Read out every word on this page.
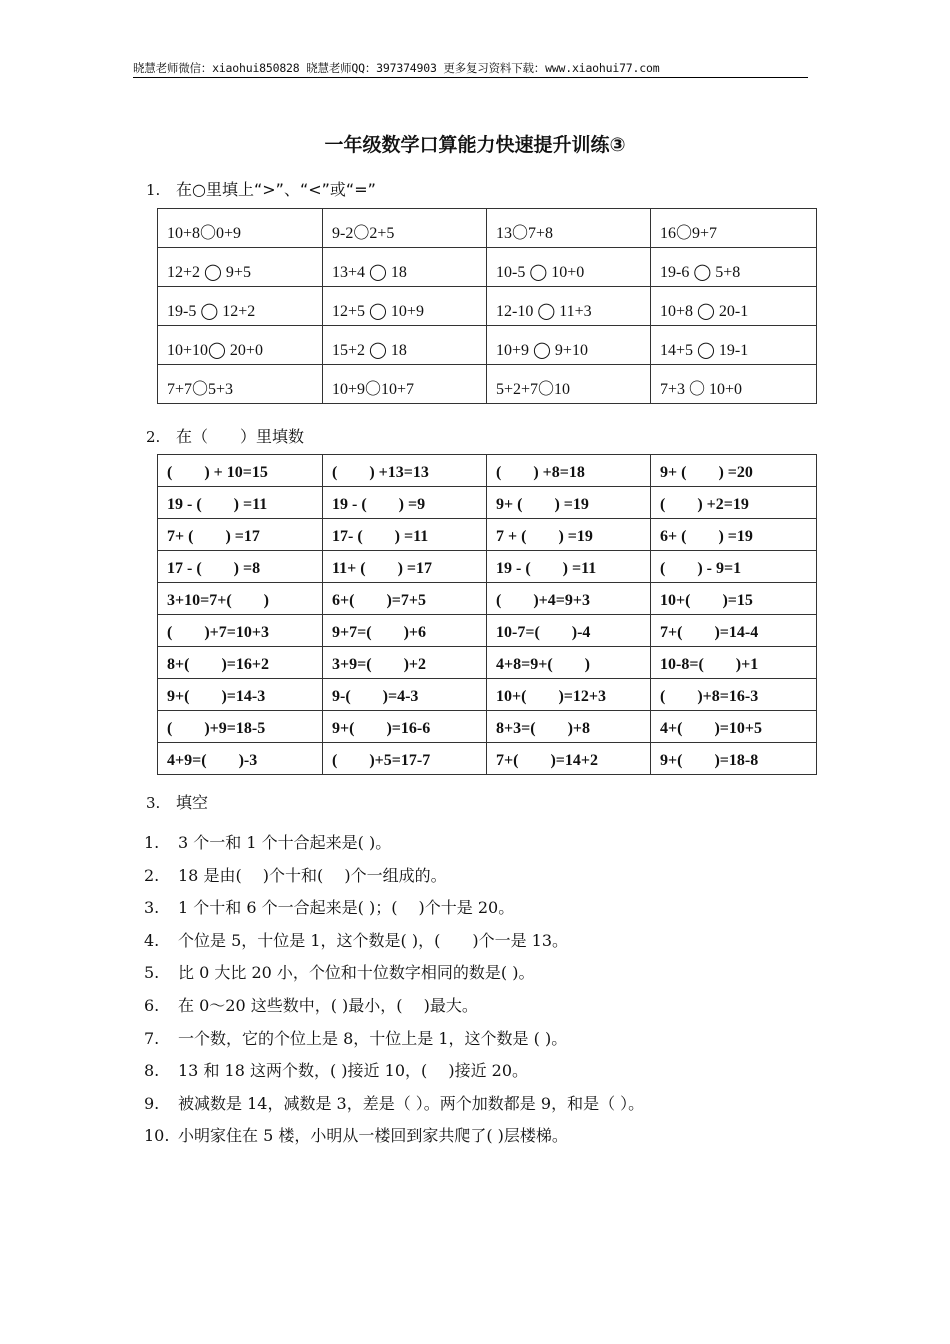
晓慧老师微信：xiaohui850828 晓慧老师QQ：397374903 更多复习资料下载：www.xiaohui77.com
一年级数学口算能力快速提升训练③
1. 在○里填上“>”、“<”或“=”
10+8〇0+9	9-2〇2+5	13〇7+8	16〇9+7
12+2 ◯ 9+5	13+4 ◯ 18	10-5 ◯ 10+0	19-6 ◯ 5+8
19-5 ◯ 12+2	12+5 ◯ 10+9	12-10 ◯ 11+3	10+8 ◯ 20-1
10+10◯ 20+0	15+2 ◯ 18	10+9 ◯ 9+10	14+5 ◯ 19-1
7+7〇5+3	10+9〇10+7	5+2+7〇10	7+3 〇 10+0
2. 在（　　）里填数
(　　) + 10=15	(　　) +13=13	(　　) +8=18	9+ (　　) =20
19 - (　　) =11	19 - (　　) =9	9+ (　　) =19	(　　) +2=19
7+ (　　) =17	17- (　　) =11	7 + (　　) =19	6+ (　　) =19
17 - (　　) =8	11+ (　　) =17	19 - (　　) =11	(　　) - 9=1
3+10=7+(　　)	6+(　　)=7+5	(　　)+4=9+3	10+(　　)=15
(　　)+7=10+3	9+7=(　　)+6	10-7=(　　)-4	7+(　　)=14-4
8+(　　)=16+2	3+9=(　　)+2	4+8=9+(　　)	10-8=(　　)+1
9+(　　)=14-3	9-(　　)=4-3	10+(　　)=12+3	(　　)+8=16-3
(　　)+9=18-5	9+(　　)=16-6	8+3=(　　)+8	4+(　　)=10+5
4+9=(　　)-3	(　　)+5=17-7	7+(　　)=14+2	9+(　　)=18-8
3. 填空
1. 3 个一和 1 个十合起来是( )。
2. 18 是由(　 )个十和(　 )个一组成的。
3. 1 个十和 6 个一合起来是( )；(　 )个十是 20。
4. 个位是 5，十位是 1，这个数是( )，(　　)个一是 13。
5. 比 0 大比 20 小，个位和十位数字相同的数是( )。
6. 在 0～20 这些数中，( )最小，(　 )最大。
7. 一个数，它的个位上是 8，十位上是 1，这个数是 ( )。
8. 13 和 18 这两个数，( )接近 10，(　 )接近 20。
9. 被减数是 14，减数是 3，差是（ ）。两个加数都是 9，和是（ ）。
10. 小明家住在 5 楼，小明从一楼回到家共爬了( )层楼梯。
